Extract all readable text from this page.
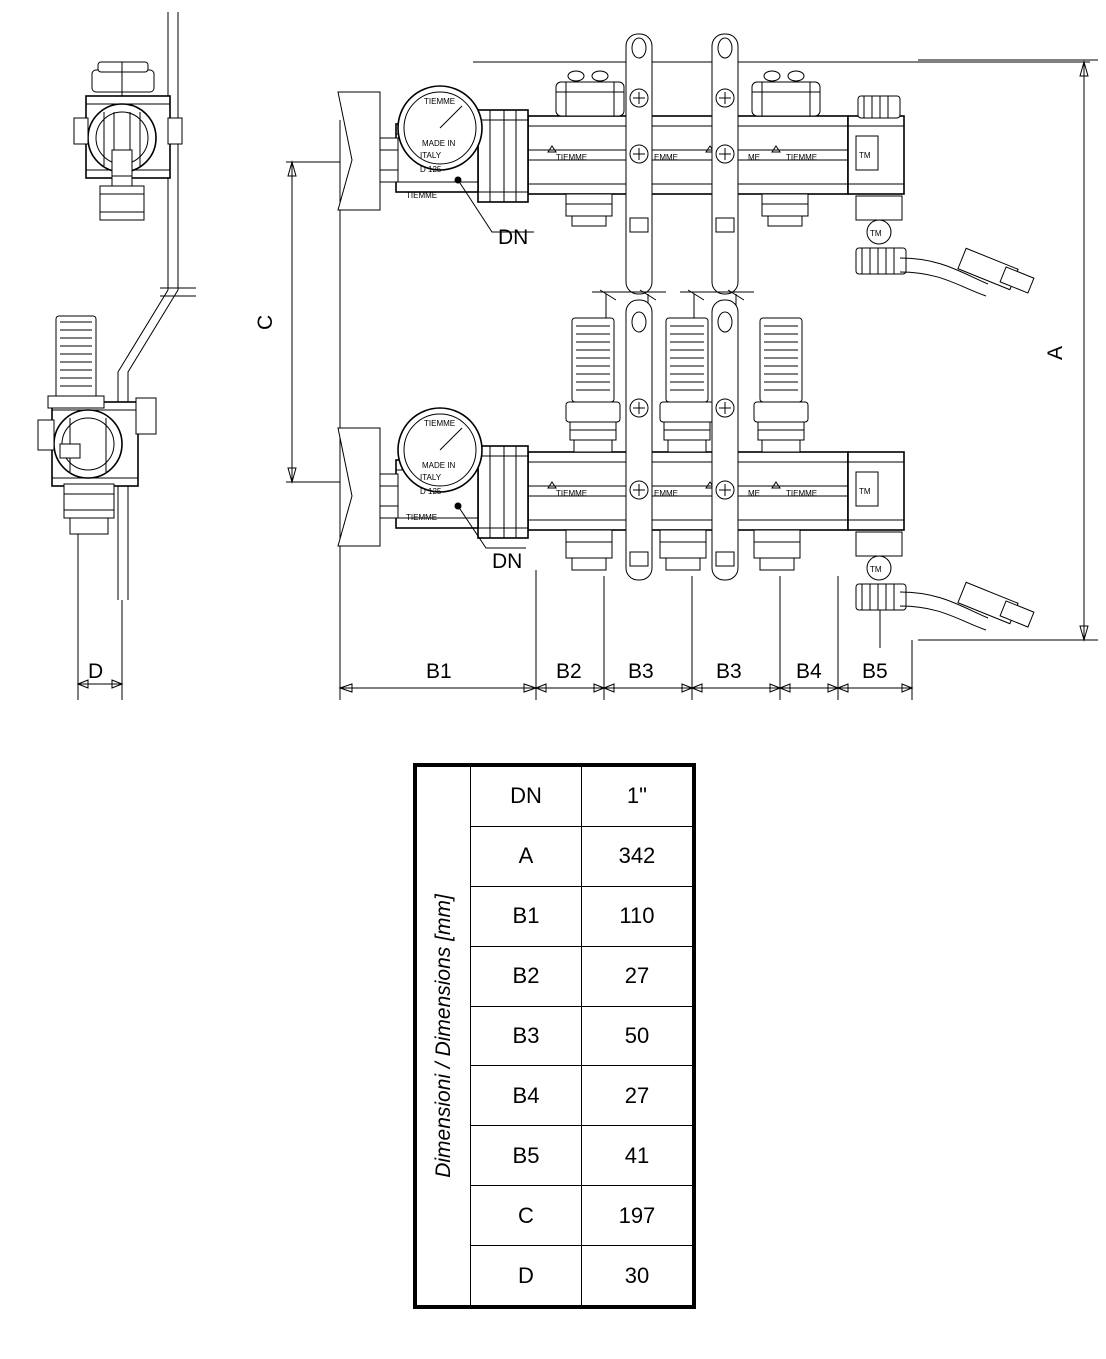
D
TIEMME	EMME	ME	TIEMME
TIEMME
MADE IN
ITALY
D 125
TIEMME
TM
TM
TIEMME	EMME	ME	TIEMME
TIEMME
MADE IN
ITALY
D 125
TIEMME
TM
TM
A
C
DN
DN
B1	B2 B3	B3	B4 B5
Dimensioni / Dimensions [mm]	DN	1"
	A	342
	B1	110
	B2	27
	B3	50
	B4	27
	B5	41
	C	197
	D	30
